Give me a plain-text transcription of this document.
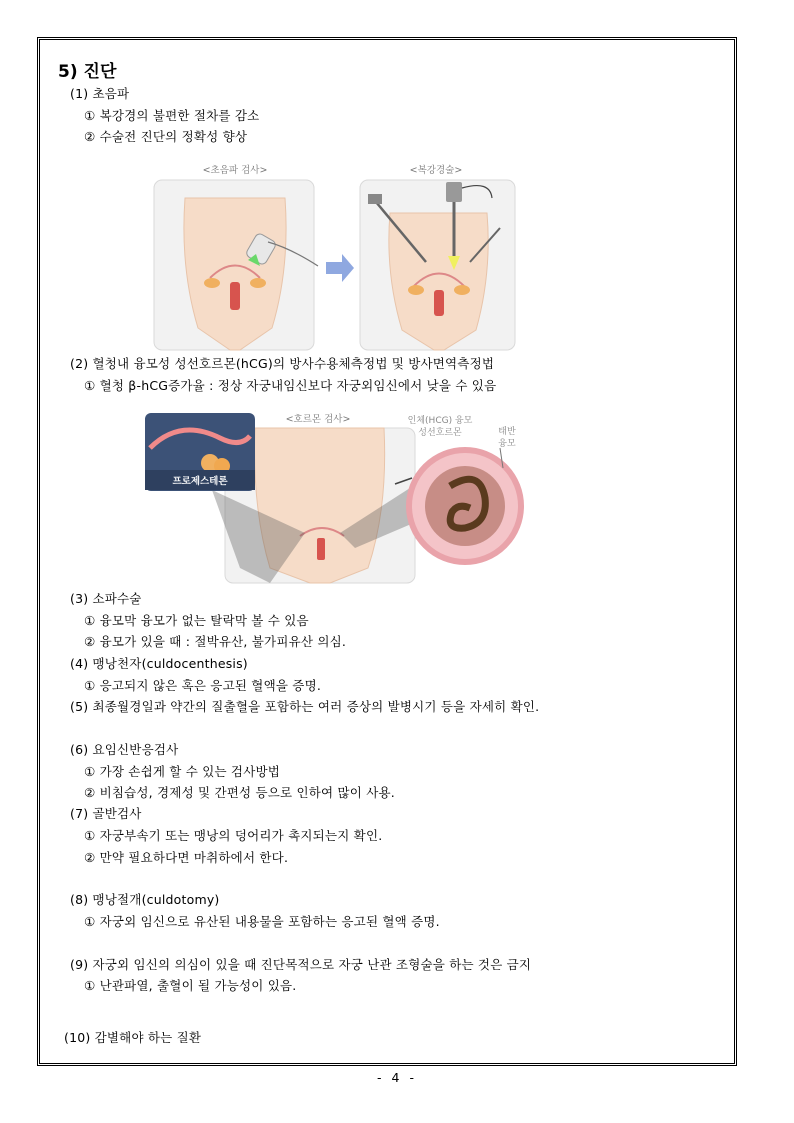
5) 진단
(1) 초음파
① 복강경의 불편한 절차를 감소
② 수술전 진단의 정확성 향상
<초음파 검사>	<복강경술>
(2) 혈청내 융모성 성선호르몬(hCG)의 방사수용체측정법 및 방사면역측정법
① 혈청 β-hCG증가율 : 정상 자궁내임신보다 자궁외임신에서 낮을 수 있음
<호르몬 검사>
프로제스테론
인체(HCG) 융모
성선호르몬	태반
융모
(3) 소파수술
① 융모막 융모가 없는 탈락막 볼 수 있음
② 융모가 있을 때 : 절박유산, 불가피유산 의심.
(4) 맹낭천자(culdocenthesis)
① 응고되지 않은 혹은 응고된 혈액을 증명.
(5) 최종월경일과 약간의 질출혈을 포함하는 여러 증상의 발병시기 등을 자세히 확인.
(6) 요임신반응검사
① 가장 손쉽게 할 수 있는 검사방법
② 비침습성, 경제성 및 간편성 등으로 인하여 많이 사용.
(7) 골반검사
① 자궁부속기 또는 맹낭의 덩어리가 촉지되는지 확인.
② 만약 필요하다면 마취하에서 한다.
(8) 맹낭절개(culdotomy)
① 자궁외 임신으로 유산된 내용물을 포함하는 응고된 혈액 증명.
(9) 자궁외 임신의 의심이 있을 때 진단목적으로 자궁 난관 조형술을 하는 것은 금지
① 난관파열, 출혈이 될 가능성이 있음.
(10) 감별해야 하는 질환
- 4 -
